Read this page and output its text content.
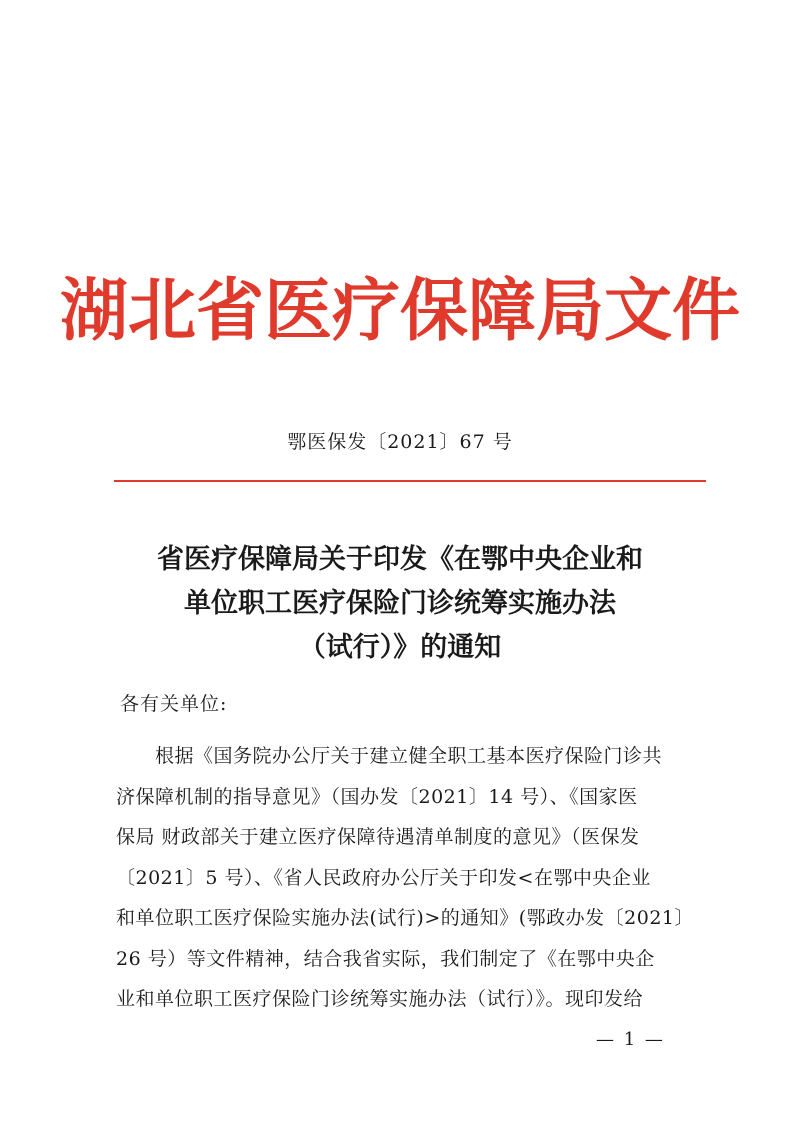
湖北省医疗保障局文件
鄂医保发〔2021〕67 号
省医疗保障局关于印发《在鄂中央企业和
单位职工医疗保险门诊统筹实施办法
（试行）》的通知
各有关单位:
　　根据《国务院办公厅关于建立健全职工基本医疗保险门诊共
济保障机制的指导意见》（国办发〔2021〕14 号）、《国家医
保局 财政部关于建立医疗保障待遇清单制度的意见》（医保发
〔2021〕5 号）、《省人民政府办公厅关于印发<在鄂中央企业
和单位职工医疗保险实施办法(试行)>的通知》(鄂政办发〔2021〕
26 号）等文件精神，结合我省实际，我们制定了《在鄂中央企
业和单位职工医疗保险门诊统筹实施办法（试行）》。现印发给
— 1 —
